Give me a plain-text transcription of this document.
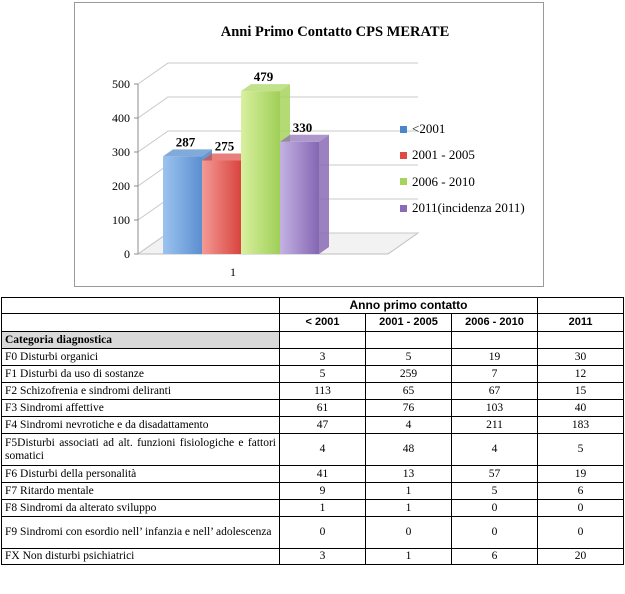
Anni Primo Contatto CPS MERATE
0
100
200
300
400
500
287 275
479
330
1
<2001
2001 - 2005
2006 - 2010
2011(incidenza 2011)
	Anno primo contatto			
	< 2001	2001 - 2005	2006 - 2010	2011
Categoria diagnostica				
F0 Disturbi organici	3	5	19	30
F1 Disturbi da uso di sostanze	5	259	7	12
F2 Schizofrenia e sindromi deliranti	113	65	67	15
F3 Sindromi affettive	61	76	103	40
F4 Sindromi nevrotiche e da disadattamento	47	4	211	183
F5Disturbi associati ad alt. funzioni fisiologiche e fattori somatici	4	48	4	5
F6 Disturbi della personalità	41	13	57	19
F7 Ritardo mentale	9	1	5	6
F8 Sindromi da alterato sviluppo	1	1	0	0
F9 Sindromi con esordio nell’ infanzia e nell’ adolescenza	0	0	0	0
FX Non disturbi psichiatrici	3	1	6	20
